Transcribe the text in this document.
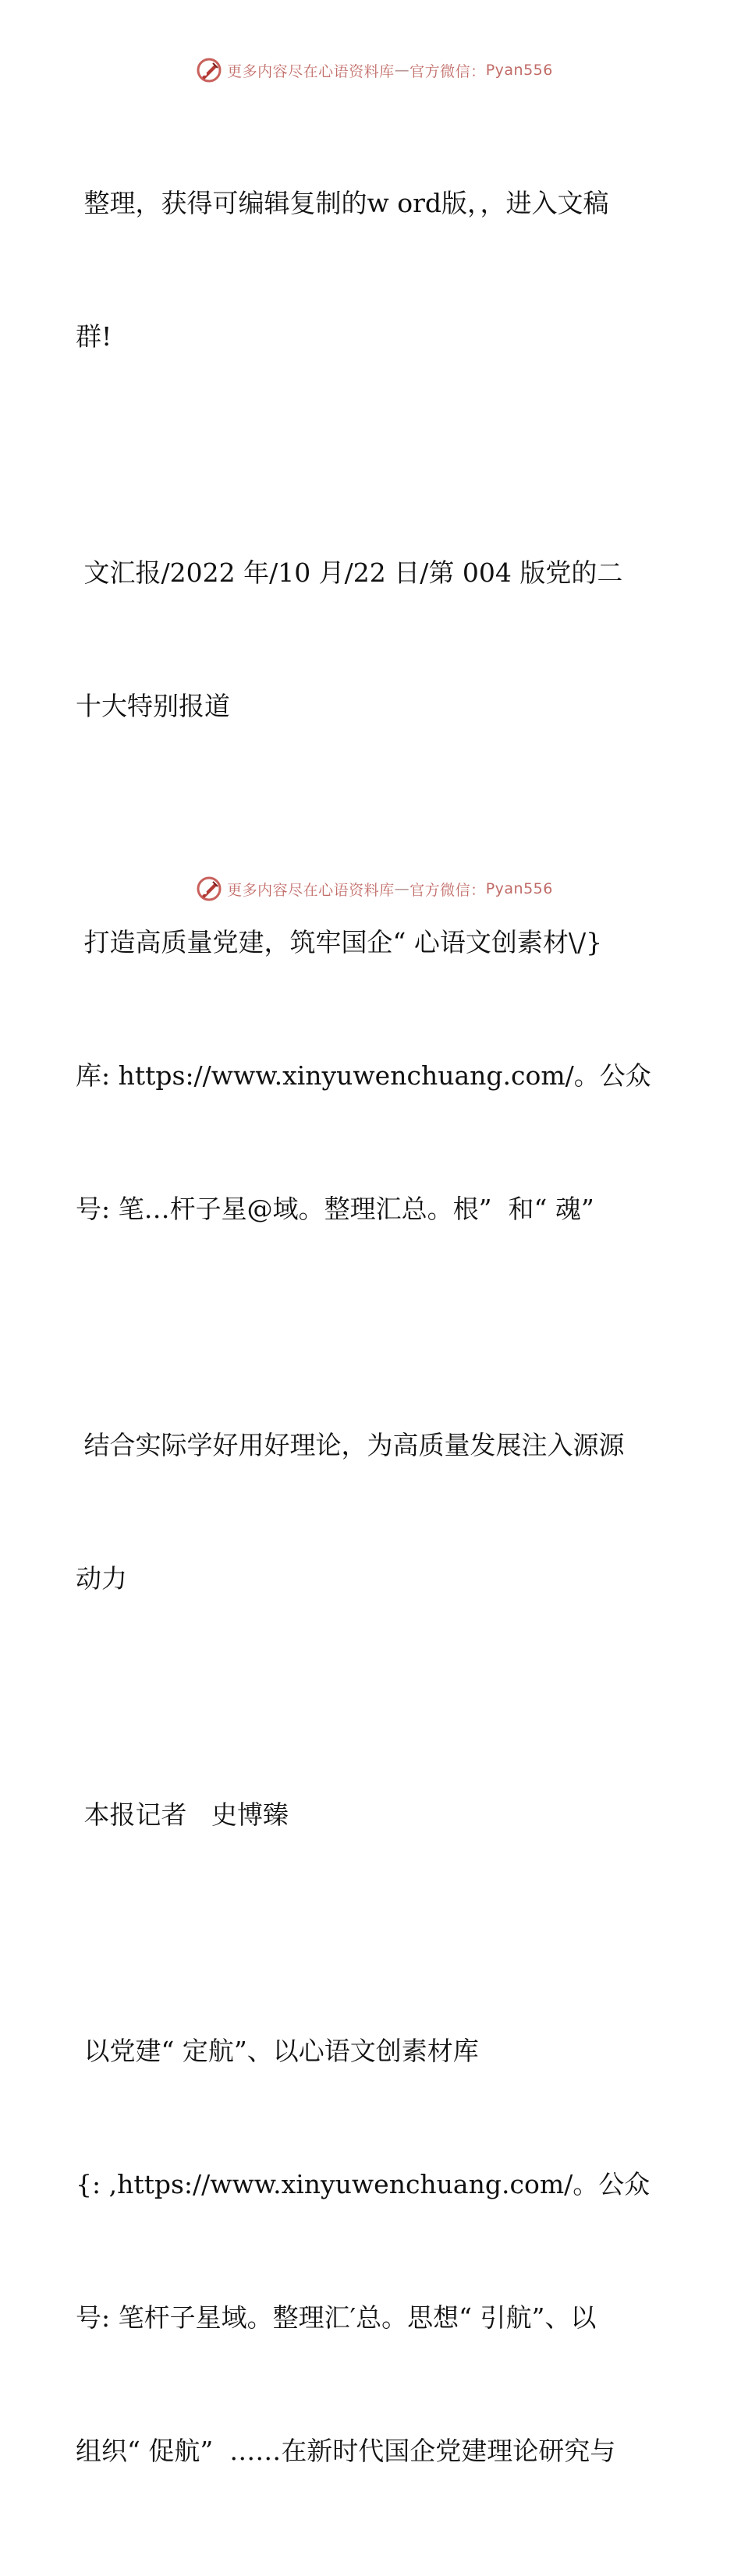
更多内容尽在心语资料库 — 官方微信： Pyan556

整理，获得可编辑复制的w ord版，，进入文稿

群!

文汇报/2022 年/10 月/22 日/第 004 版党的二

十大特别报道

打造高质量党建，筑牢国企“ 心语文创素材\/}

库: https://www.xinyuwenchuang.com/。公众

号: 笔…杆子星@域。整理汇总。根”  和“ 魂”

结合实际学好用好理论，为高质量发展注入源源

动力

本报记者   史博臻

以党建“ 定航”、以心语文创素材库

{: ,https://www.xinyuwenchuang.com/。公众

号: 笔杆子星域。整理汇′总。思想“ 引航”、以

组织“ 促航”  ……在新时代国企党建理论研究与

更多内容尽在心语资料库 — 官方微信： Pyan556
